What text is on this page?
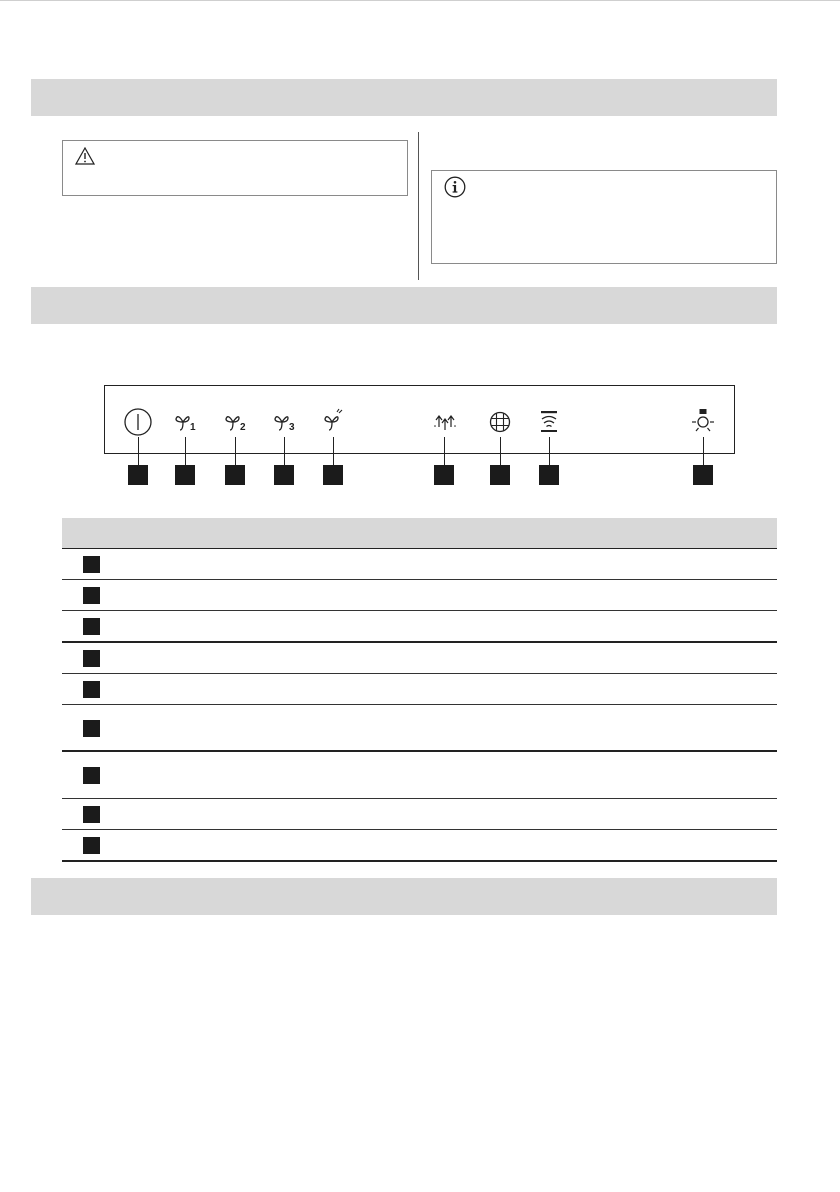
1	2	3
